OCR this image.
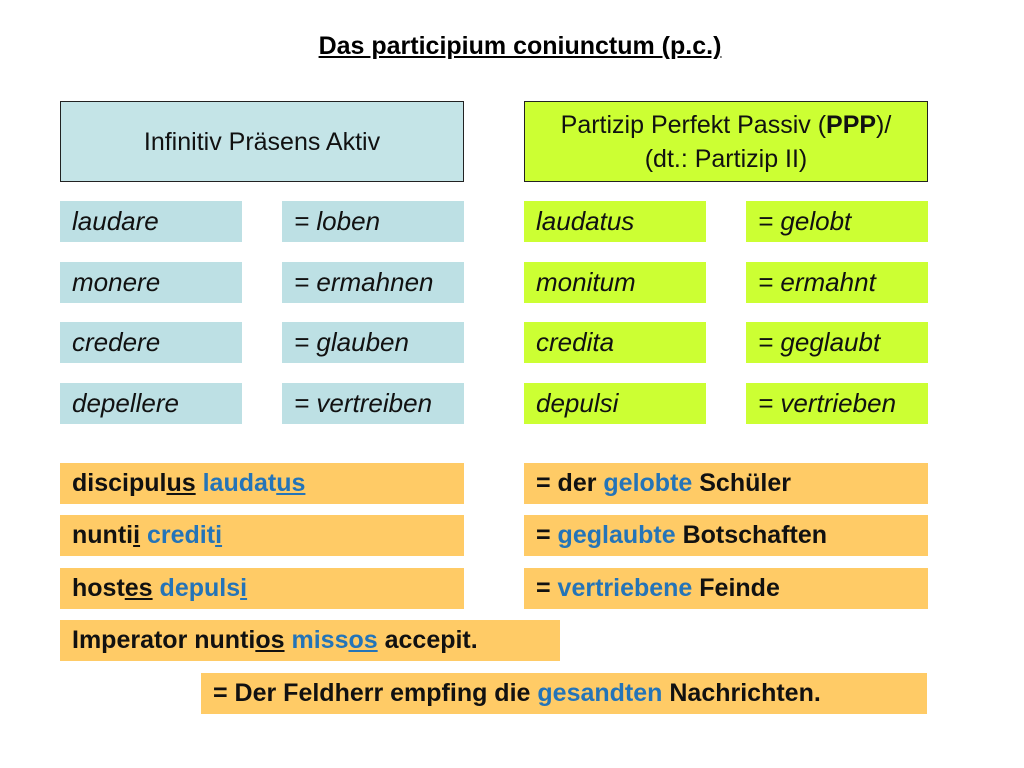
Das participium coniunctum (p.c.)
Infinitiv Präsens Aktiv
Partizip Perfekt Passiv (PPP)/
(dt.: Partizip II)
laudare	= loben
monere	= ermahnen
credere	= glauben
depellere	= vertreiben
laudatus	= gelobt
monitum	= ermahnt
credita	= geglaubt
depulsi	= vertrieben
discipulus laudatus	= der gelobte Schüler
nuntii crediti	= geglaubte Botschaften
hostes depulsi	= vertriebene Feinde
Imperator nuntios missos accepit.
= Der Feldherr empfing die gesandten Nachrichten.
